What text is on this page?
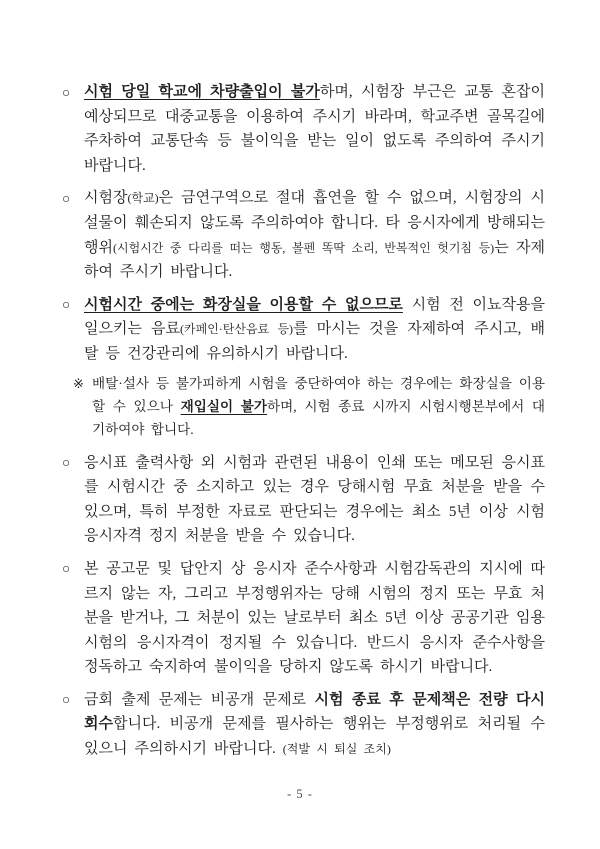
○ 시험 당일 학교에 차량출입이 불가하며, 시험장 부근은 교통 혼잡이 예상되므로 대중교통을 이용하여 주시기 바라며, 학교주변 골목길에 주차하여 교통단속 등 불이익을 받는 일이 없도록 주의하여 주시기 바랍니다.
○ 시험장(학교)은 금연구역으로 절대 흡연을 할 수 없으며, 시험장의 시설물이 훼손되지 않도록 주의하여야 합니다. 타 응시자에게 방해되는 행위(시험시간 중 다리를 떠는 행동, 볼펜 똑딱 소리, 반복적인 헛기침 등)는 자제하여 주시기 바랍니다.
○ 시험시간 중에는 화장실을 이용할 수 없으므로 시험 전 이뇨작용을 일으키는 음료(카페인·탄산음료 등)를 마시는 것을 자제하여 주시고, 배탈 등 건강관리에 유의하시기 바랍니다.
※ 배탈·설사 등 불가피하게 시험을 중단하여야 하는 경우에는 화장실을 이용할 수 있으나 재입실이 불가하며, 시험 종료 시까지 시험시행본부에서 대기하여야 합니다.
○ 응시표 출력사항 외 시험과 관련된 내용이 인쇄 또는 메모된 응시표를 시험시간 중 소지하고 있는 경우 당해시험 무효 처분을 받을 수 있으며, 특히 부정한 자료로 판단되는 경우에는 최소 5년 이상 시험 응시자격 정지 처분을 받을 수 있습니다.
○ 본 공고문 및 답안지 상 응시자 준수사항과 시험감독관의 지시에 따르지 않는 자, 그리고 부정행위자는 당해 시험의 정지 또는 무효 처분을 받거나, 그 처분이 있는 날로부터 최소 5년 이상 공공기관 임용 시험의 응시자격이 정지될 수 있습니다. 반드시 응시자 준수사항을 정독하고 숙지하여 불이익을 당하지 않도록 하시기 바랍니다.
○ 금회 출제 문제는 비공개 문제로 시험 종료 후 문제책은 전량 다시 회수합니다. 비공개 문제를 필사하는 행위는 부정행위로 처리될 수 있으니 주의하시기 바랍니다. (적발 시 퇴실 조치)
- 5 -
